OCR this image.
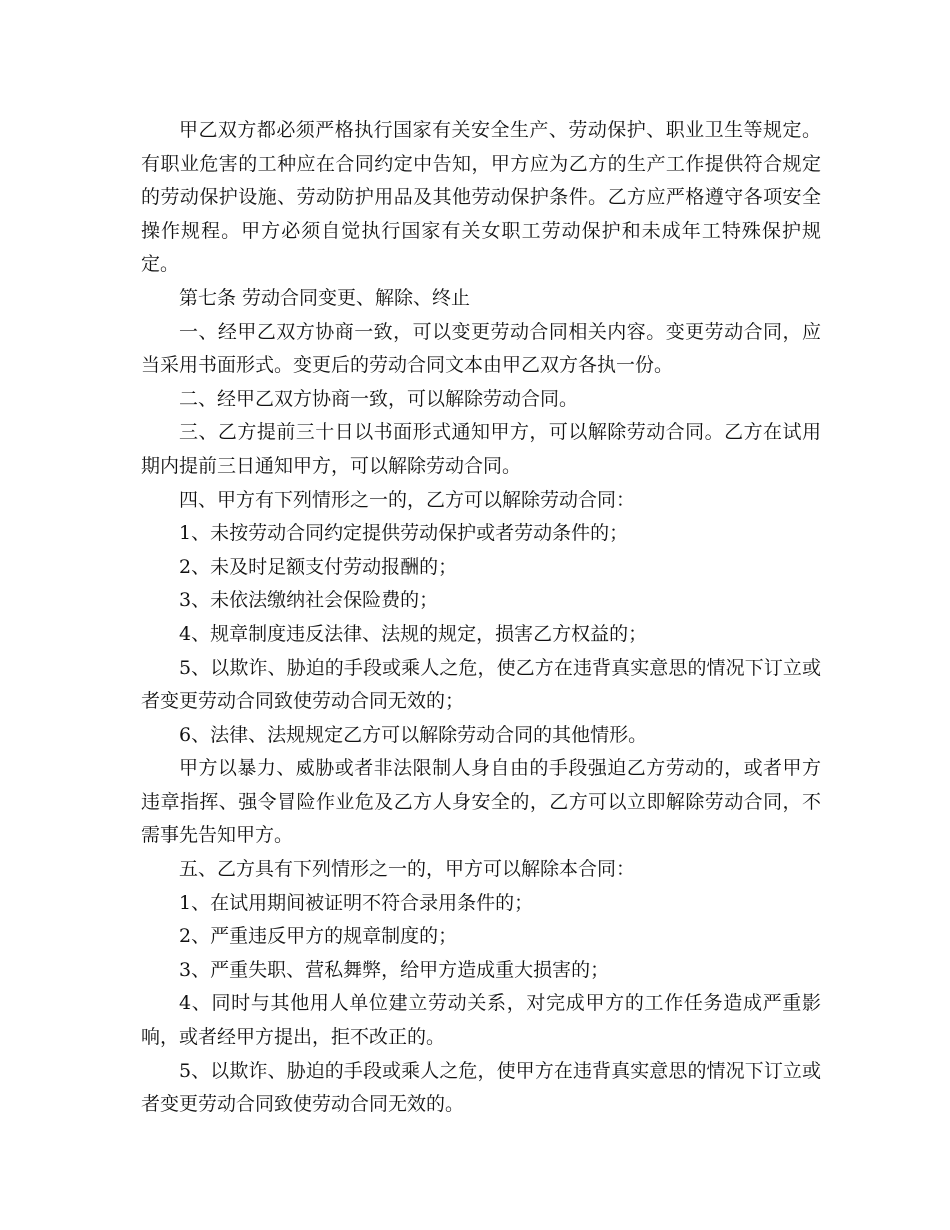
甲乙双方都必须严格执行国家有关安全生产、劳动保护、职业卫生等规定。有职业危害的工种应在合同约定中告知，甲方应为乙方的生产工作提供符合规定的劳动保护设施、劳动防护用品及其他劳动保护条件。乙方应严格遵守各项安全操作规程。甲方必须自觉执行国家有关女职工劳动保护和未成年工特殊保护规定。

第七条 劳动合同变更、解除、终止

一、经甲乙双方协商一致，可以变更劳动合同相关内容。变更劳动合同，应当采用书面形式。变更后的劳动合同文本由甲乙双方各执一份。

二、经甲乙双方协商一致，可以解除劳动合同。

三、乙方提前三十日以书面形式通知甲方，可以解除劳动合同。乙方在试用期内提前三日通知甲方，可以解除劳动合同。

四、甲方有下列情形之一的，乙方可以解除劳动合同：

1、未按劳动合同约定提供劳动保护或者劳动条件的；

2、未及时足额支付劳动报酬的；

3、未依法缴纳社会保险费的；

4、规章制度违反法律、法规的规定，损害乙方权益的；

5、以欺诈、胁迫的手段或乘人之危，使乙方在违背真实意思的情况下订立或者变更劳动合同致使劳动合同无效的；

6、法律、法规规定乙方可以解除劳动合同的其他情形。

甲方以暴力、威胁或者非法限制人身自由的手段强迫乙方劳动的，或者甲方违章指挥、强令冒险作业危及乙方人身安全的，乙方可以立即解除劳动合同，不需事先告知甲方。

五、乙方具有下列情形之一的，甲方可以解除本合同：

1、在试用期间被证明不符合录用条件的；

2、严重违反甲方的规章制度的；

3、严重失职、营私舞弊，给甲方造成重大损害的；

4、同时与其他用人单位建立劳动关系，对完成甲方的工作任务造成严重影响，或者经甲方提出，拒不改正的。

5、以欺诈、胁迫的手段或乘人之危，使甲方在违背真实意思的情况下订立或者变更劳动合同致使劳动合同无效的。
